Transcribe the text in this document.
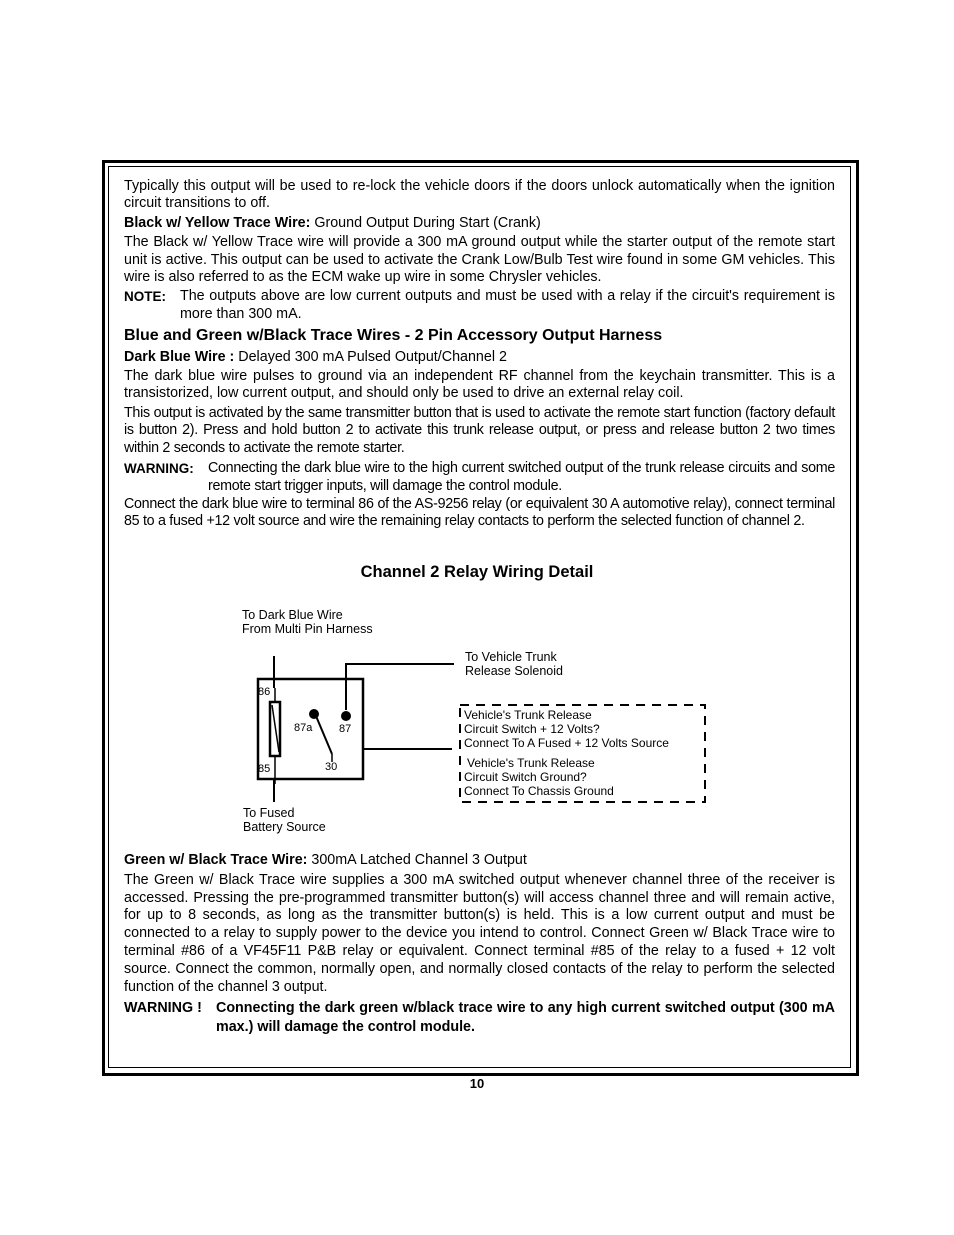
Typically this output will be used to re-lock the vehicle doors if the doors unlock automatically when the ignition circuit transitions to off.

Black w/ Yellow Trace Wire: Ground Output During Start (Crank)

The Black w/ Yellow Trace wire will provide a 300 mA ground output while the starter output of the remote start unit is active. This output can be used to activate the Crank Low/Bulb Test wire found in some GM vehicles. This wire is also referred to as the ECM wake up wire in some Chrysler vehicles.

NOTE: The outputs above are low current outputs and must be used with a relay if the circuit's requirement is more than 300 mA.

Blue and Green w/Black Trace Wires - 2 Pin Accessory Output Harness

Dark Blue Wire : Delayed 300 mA Pulsed Output/Channel 2

The dark blue wire pulses to ground via an independent RF channel from the keychain transmitter. This is a transistorized, low current output, and should only be used to drive an external relay coil.

This output is activated by the same transmitter button that is used to activate the remote start function (factory default is button 2). Press and hold button 2 to activate this trunk release output, or press and release button 2 two times within 2 seconds to activate the remote starter.

WARNING: Connecting the dark blue wire to the high current switched output of the trunk release circuits and some remote start trigger inputs, will damage the control module.

Connect the dark blue wire to terminal 86 of the AS-9256 relay (or equivalent 30 A automotive relay), connect terminal 85 to a fused +12 volt source and wire the remaining relay contacts to perform the selected function of channel 2.

Channel 2 Relay Wiring Detail
To Dark Blue Wire
From Multi Pin Harness
86
85
87a 87
30
To Vehicle Trunk
Release Solenoid
Vehicle's Trunk Release
Circuit Switch + 12 Volts?
Connect To A Fused + 12 Volts Source
Vehicle's Trunk Release
Circuit Switch Ground?
Connect To Chassis Ground
To Fused
Battery Source

Green w/ Black Trace Wire: 300mA Latched Channel 3 Output

The Green w/ Black Trace wire supplies a 300 mA switched output whenever channel three of the receiver is accessed. Pressing the pre-programmed transmitter button(s) will access channel three and will remain active, for up to 8 seconds, as long as the transmitter button(s) is held. This is a low current output and must be connected to a relay to supply power to the device you intend to control. Connect Green w/ Black Trace wire to terminal #86 of a VF45F11 P&B relay or equivalent. Connect terminal #85 of the relay to a fused + 12 volt source. Connect the common, normally open, and normally closed contacts of the relay to perform the selected function of the channel 3 output.

WARNING ! Connecting the dark green w/black trace wire to any high current switched output (300 mA max.) will damage the control module.
10
